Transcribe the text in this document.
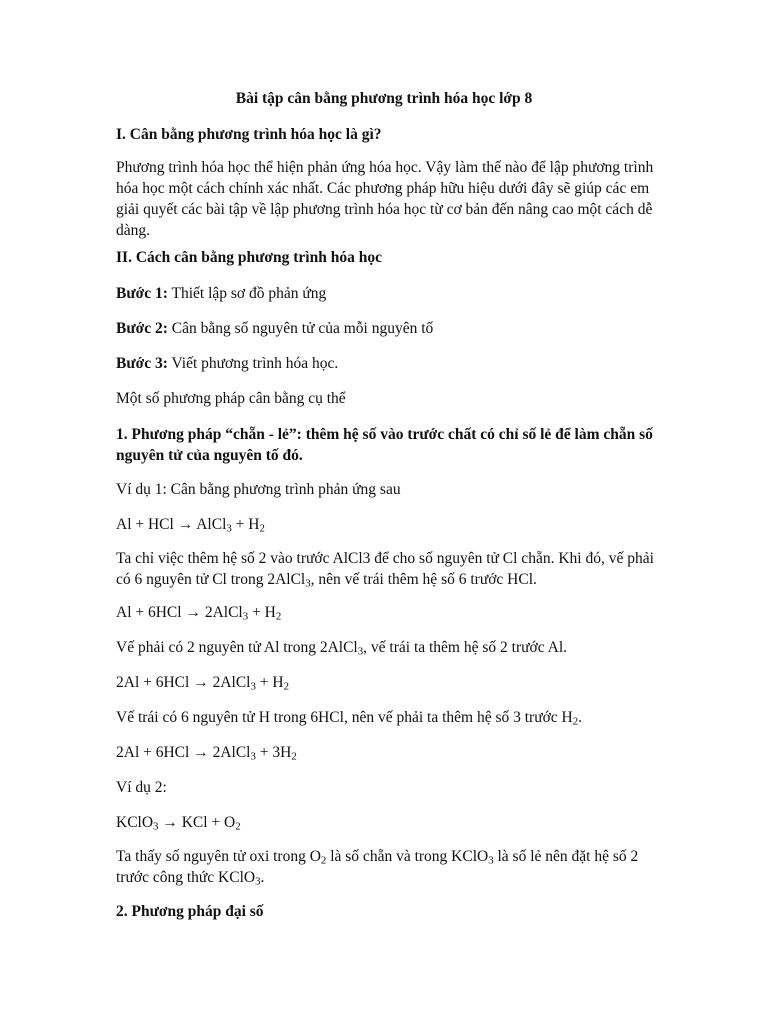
Bài tập cân bằng phương trình hóa học lớp 8

I. Cân bằng phương trình hóa học là gì?

Phương trình hóa học thể hiện phản ứng hóa học. Vậy làm thế nào để lập phương trình hóa học một cách chính xác nhất. Các phương pháp hữu hiệu dưới đây sẽ giúp các em giải quyết các bài tập về lập phương trình hóa học từ cơ bản đến nâng cao một cách dễ dàng.

II. Cách cân bằng phương trình hóa học

Bước 1: Thiết lập sơ đồ phản ứng

Bước 2: Cân bằng số nguyên tử của mỗi nguyên tố

Bước 3: Viết phương trình hóa học.

Một số phương pháp cân bằng cụ thể

1. Phương pháp “chẵn - lẻ”: thêm hệ số vào trước chất có chỉ số lẻ để làm chẵn số nguyên tử của nguyên tố đó.

Ví dụ 1: Cân bằng phương trình phản ứng sau

Al + HCl → AlCl$_3$ + $H_2$

Ta chỉ việc thêm hệ số 2 vào trước AlCl3 để cho số nguyên tử Cl chẵn. Khi đó, vế phải có 6 nguyên tử Cl trong 2AlCl$_3$, nên vế trái thêm hệ số 6 trước HCl.

Al + 6HCl → 2AlCl$_3$ + $H_2$

Vế phải có 2 nguyên tử Al trong 2AlCl$_3$, vế trái ta thêm hệ số 2 trước Al.

2Al + 6HCl → 2AlCl$_3$ + $H_2$

Vế trái có 6 nguyên tử H trong 6HCl, nên vế phải ta thêm hệ số 3 trước $H_2$.

2Al + 6HCl → 2AlCl$_3$ + $3H_2$

Ví dụ 2:

KClO$_3$ → KCl + $O_2$

Ta thấy số nguyên tử oxi trong $O_2$ là số chẵn và trong KClO$_3$ là số lẻ nên đặt hệ số 2 trước công thức KClO$_3$.

2. Phương pháp đại số
